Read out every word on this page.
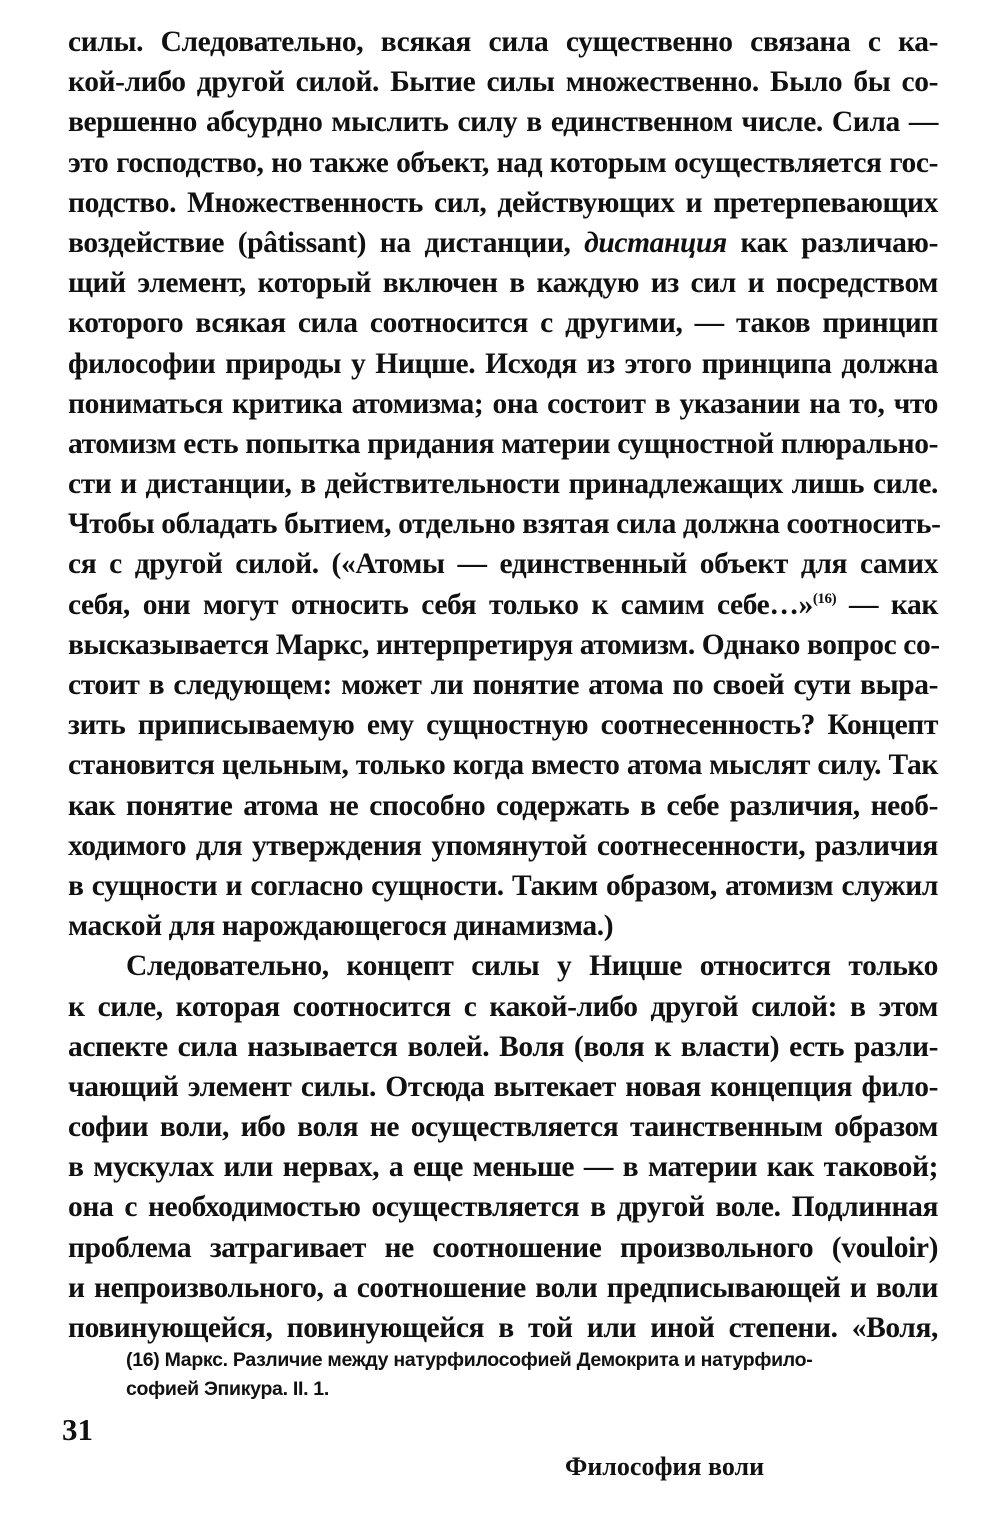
силы. Следовательно, всякая сила существенно связана с ка-
кой-либо другой силой. Бытие силы множественно. Было бы со-
вершенно абсурдно мыслить силу в единственном числе. Сила —
это господство, но также объект, над которым осуществляется гос-
подство. Множественность сил, действующих и претерпевающих
воздействие (pâtissant) на дистанции, дистанция как различаю-
щий элемент, который включен в каждую из сил и посредством
которого всякая сила соотносится с другими, — таков принцип
философии природы у Ницше. Исходя из этого принципа должна
пониматься критика атомизма; она состоит в указании на то, что
атомизм есть попытка придания материи сущностной плюрально-
сти и дистанции, в действительности принадлежащих лишь силе.
Чтобы обладать бытием, отдельно взятая сила должна соотносить-
ся с другой силой. («Атомы — единственный объект для самих
себя, они могут относить себя только к самим себе…»$^{(16)}$ — как
высказывается Маркс, интерпретируя атомизм. Однако вопрос со-
стоит в следующем: может ли понятие атома по своей сути выра-
зить приписываемую ему сущностную соотнесенность? Концепт
становится цельным, только когда вместо атома мыслят силу. Так
как понятие атома не способно содержать в себе различия, необ-
ходимого для утверждения упомянутой соотнесенности, различия
в сущности и согласно сущности. Таким образом, атомизм служил
маской для нарождающегося динамизма.)
Следовательно, концепт силы у Ницше относится только
к силе, которая соотносится с какой-либо другой силой: в этом
аспекте сила называется волей. Воля (воля к власти) есть разли-
чающий элемент силы. Отсюда вытекает новая концепция фило-
софии воли, ибо воля не осуществляется таинственным образом
в мускулах или нервах, а еще меньше — в материи как таковой;
она с необходимостью осуществляется в другой воле. Подлинная
проблема затрагивает не соотношение произвольного (vouloir)
и непроизвольного, а соотношение воли предписывающей и воли
повинующейся, повинующейся в той или иной степени. «Воля,
(16) Маркс. Различие между натурфилософией Демокрита и натурфило-
софией Эпикура. II. 1.
31
Философия воли
